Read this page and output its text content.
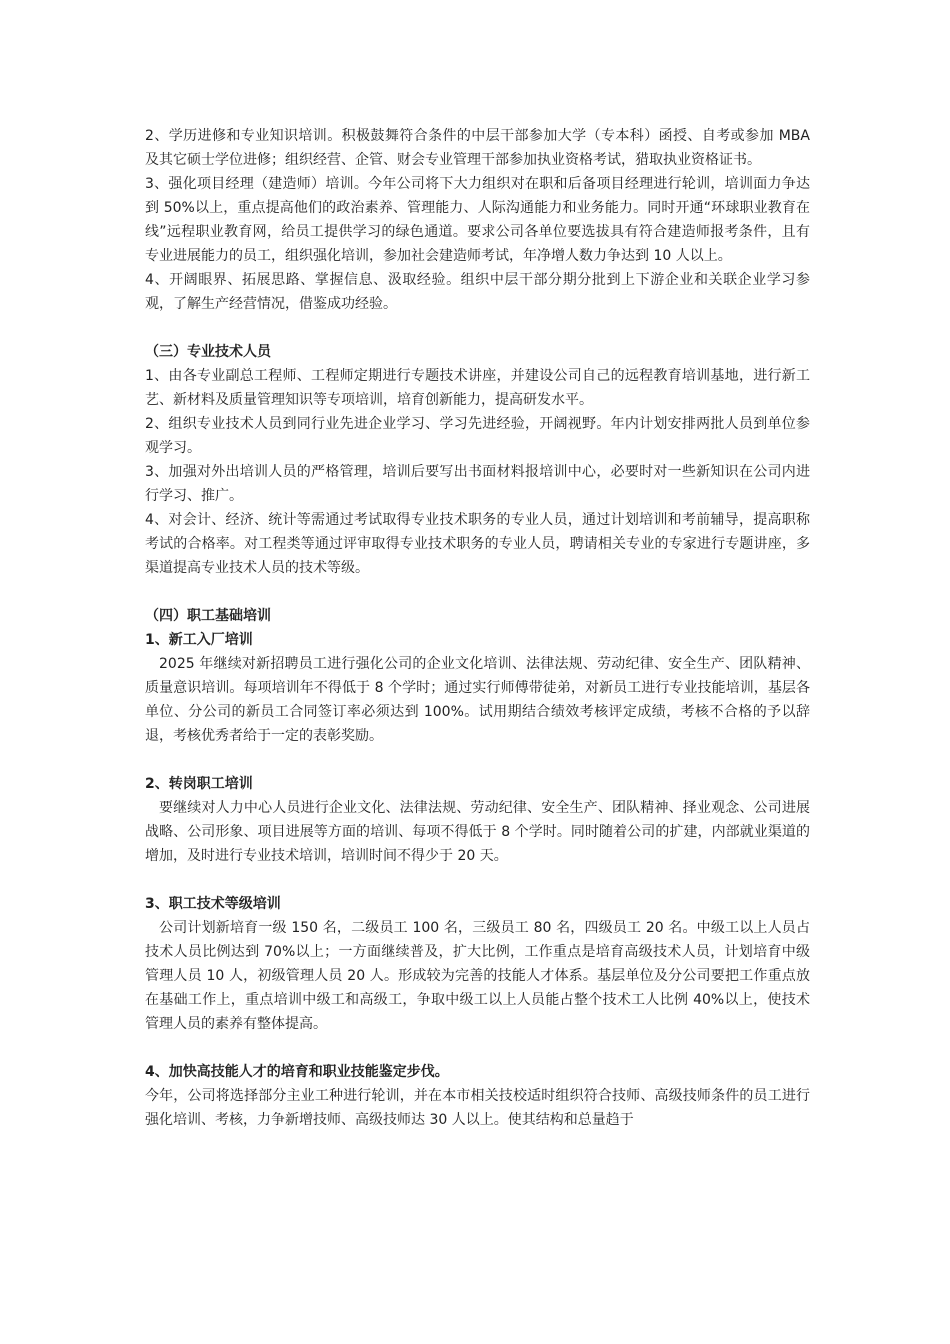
2、学历进修和专业知识培训。积极鼓舞符合条件的中层干部参加大学（专本科）函授、自考或参加 MBA 及其它硕士学位进修；组织经营、企管、财会专业管理干部参加执业资格考试，猎取执业资格证书。

3、强化项目经理（建造师）培训。今年公司将下大力组织对在职和后备项目经理进行轮训，培训面力争达到 50%以上，重点提高他们的政治素养、管理能力、人际沟通能力和业务能力。同时开通“环球职业教育在线”远程职业教育网，给员工提供学习的绿色通道。要求公司各单位要选拔具有符合建造师报考条件，且有专业进展能力的员工，组织强化培训，参加社会建造师考试，年净增人数力争达到 10 人以上。

4、开阔眼界、拓展思路、掌握信息、汲取经验。组织中层干部分期分批到上下游企业和关联企业学习参观，了解生产经营情况，借鉴成功经验。

（三）专业技术人员

1、由各专业副总工程师、工程师定期进行专题技术讲座，并建设公司自己的远程教育培训基地，进行新工艺、新材料及质量管理知识等专项培训，培育创新能力，提高研发水平。

2、组织专业技术人员到同行业先进企业学习、学习先进经验，开阔视野。年内计划安排两批人员到单位参观学习。

3、加强对外出培训人员的严格管理，培训后要写出书面材料报培训中心，必要时对一些新知识在公司内进行学习、推广。

4、对会计、经济、统计等需通过考试取得专业技术职务的专业人员，通过计划培训和考前辅导，提高职称考试的合格率。对工程类等通过评审取得专业技术职务的专业人员，聘请相关专业的专家进行专题讲座，多渠道提高专业技术人员的技术等级。

（四）职工基础培训

1、新工入厂培训

2025 年继续对新招聘员工进行强化公司的企业文化培训、法律法规、劳动纪律、安全生产、团队精神、质量意识培训。每项培训年不得低于 8 个学时；通过实行师傅带徒弟，对新员工进行专业技能培训，基层各单位、分公司的新员工合同签订率必须达到 100%。试用期结合绩效考核评定成绩，考核不合格的予以辞退，考核优秀者给于一定的表彰奖励。

2、转岗职工培训

要继续对人力中心人员进行企业文化、法律法规、劳动纪律、安全生产、团队精神、择业观念、公司进展战略、公司形象、项目进展等方面的培训、每项不得低于 8 个学时。同时随着公司的扩建，内部就业渠道的增加，及时进行专业技术培训，培训时间不得少于 20 天。

3、职工技术等级培训

公司计划新培育一级 150 名，二级员工 100 名，三级员工 80 名，四级员工 20 名。中级工以上人员占技术人员比例达到 70%以上；一方面继续普及，扩大比例，工作重点是培育高级技术人员，计划培育中级管理人员 10 人，初级管理人员 20 人。形成较为完善的技能人才体系。基层单位及分公司要把工作重点放在基础工作上，重点培训中级工和高级工，争取中级工以上人员能占整个技术工人比例 40%以上，使技术管理人员的素养有整体提高。

4、加快高技能人才的培育和职业技能鉴定步伐。

今年，公司将选择部分主业工种进行轮训，并在本市相关技校适时组织符合技师、高级技师条件的员工进行强化培训、考核，力争新增技师、高级技师达 30 人以上。使其结构和总量趋于
